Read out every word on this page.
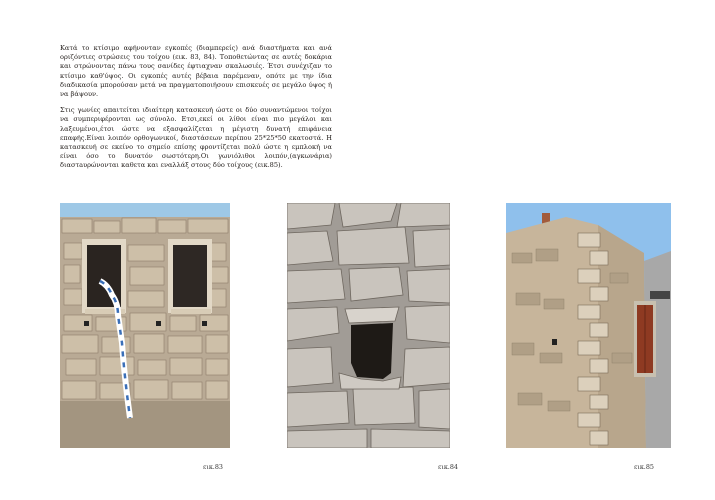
Κατά το κτίσιμο αφήνονταν εγκοπές (διαμπερείς) ανά διαστήματα και ανά οριζόντιες στρώσεις του τοίχου (εικ. 83, 84). Τοποθετώντας σε αυτές δοκάρια και στρώνοντας πάνω τους σανίδες έφτιαχναν σκαλωσιές. Έτσι συνέχιζαν το κτίσιμο καθ'ύψος. Οι εγκοπές αυτές βέβαια παρέμεναν, οπότε με την ίδια διαδικασία μπορούσαν μετά να πραγματοποιήσουν επισκευές σε μεγάλο ύψος ή να βάψουν.

Στις γωνίες απαιτείται ιδιαίτερη κατασκευή ώστε οι δύο συναντώμενοι τοίχοι να συμπεριφέρονται ως σύνολο. Ετσι,εκεί οι λίθοι είναι πιο μεγάλοι και λαξευμένοι,έτσι ώστε να εξασφαλίζεται η μέγιστη δυνατή επιφάνεια επαφής.Είναι λοιπόν ορθογωνικοί, διαστάσεων περίπου 25*25*50 εκατοστά. Η κατασκευή σε εκείνο το σημείο επίσης φροντίζεται πολύ ώστε η εμπλοκή να είναι όσο το δυνατόν σωστότερη.Οι γωνιόλιθοι λοιπόν,(αγκωνάρια) διαστaυρώνονται καθετα και εναλλάξ στους δύο τοίχους (εικ.85).

εικ.83	εικ.84	εικ.85
